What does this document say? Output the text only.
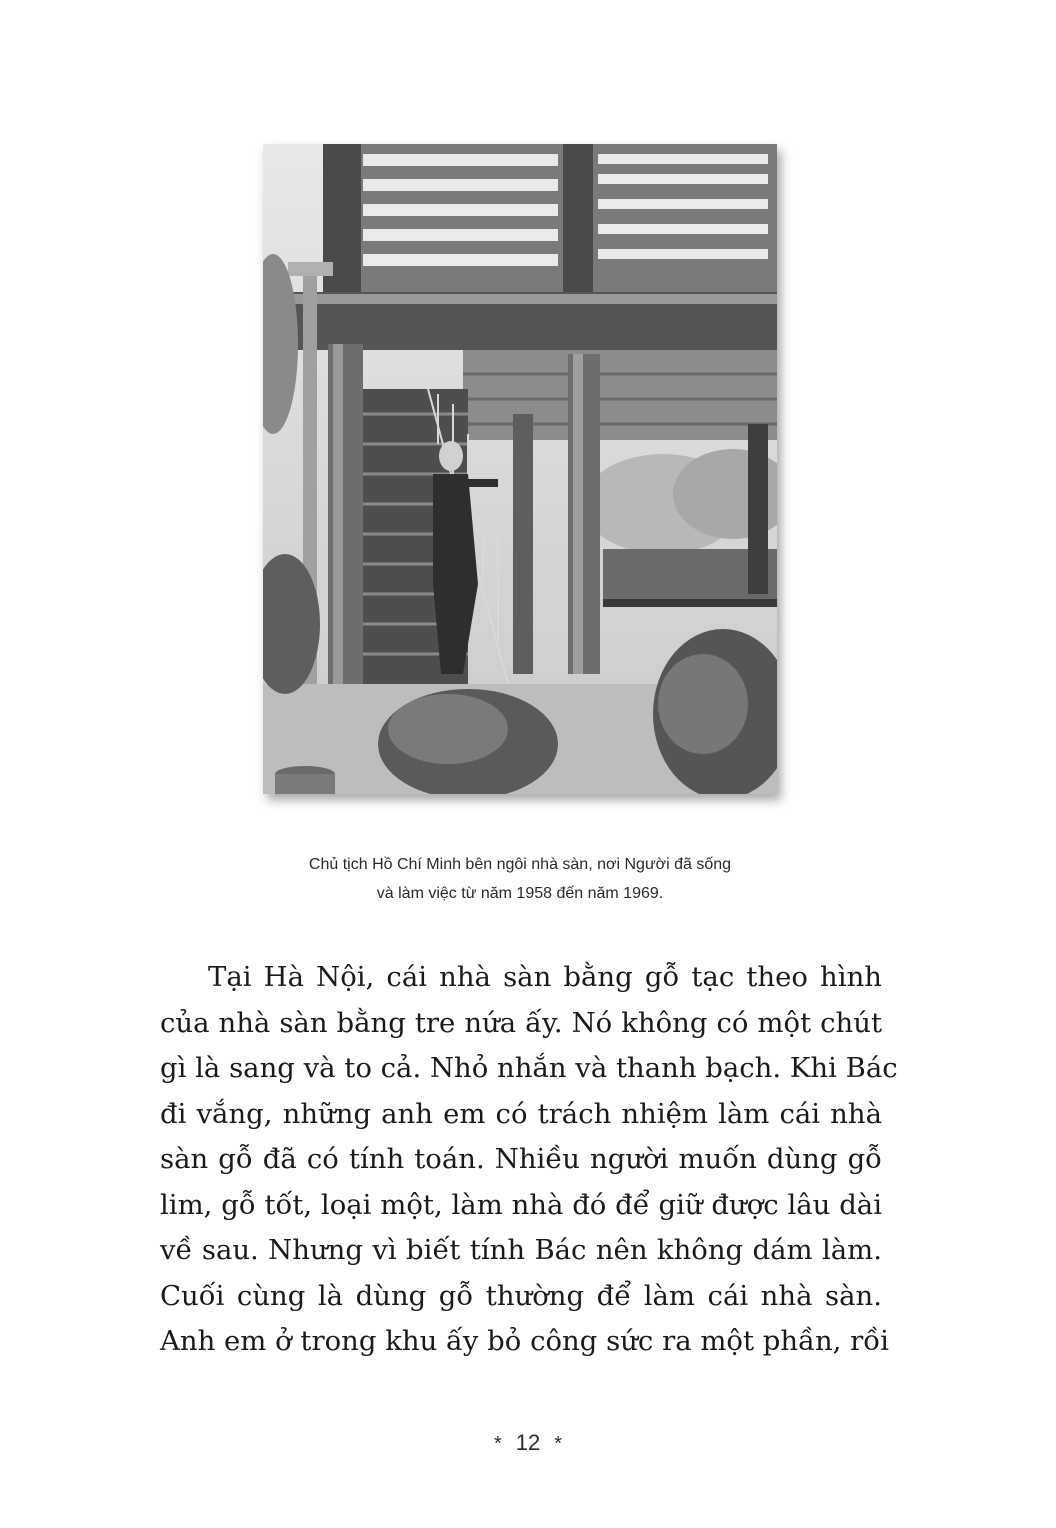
Chủ tịch Hồ Chí Minh bên ngôi nhà sàn, nơi Người đã sống
và làm việc từ năm 1958 đến năm 1969.
Tại Hà Nội, cái nhà sàn bằng gỗ tạc theo hình
của nhà sàn bằng tre nứa ấy. Nó không có một chút
gì là sang và to cả. Nhỏ nhắn và thanh bạch. Khi Bác
đi vắng, những anh em có trách nhiệm làm cái nhà
sàn gỗ đã có tính toán. Nhiều người muốn dùng gỗ
lim, gỗ tốt, loại một, làm nhà đó để giữ được lâu dài
về sau. Nhưng vì biết tính Bác nên không dám làm.
Cuối cùng là dùng gỗ thường để làm cái nhà sàn.
Anh em ở trong khu ấy bỏ công sức ra một phần, rồi
* 12 *
